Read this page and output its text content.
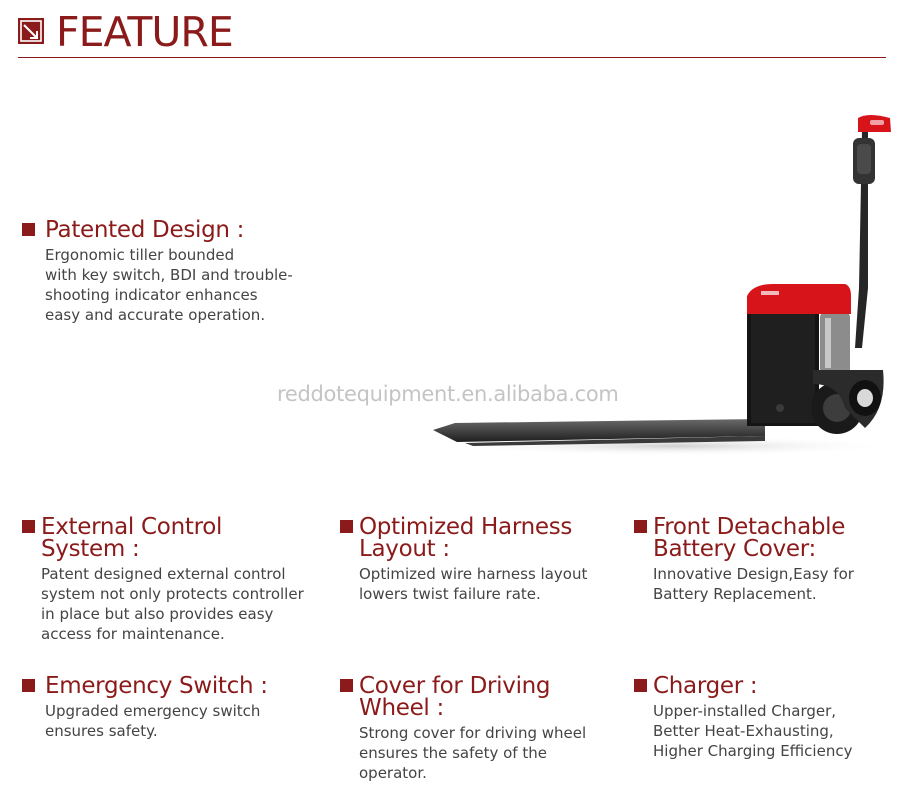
FEATURE
reddotequipment.en.alibaba.com
Patented Design :

Ergonomic tiller bounded
with key switch, BDI and trouble-
shooting indicator enhances
easy and accurate operation.

External Control System :

Patent designed external control
system not only protects controller
in place but also provides easy
access for maintenance.

Optimized Harness Layout :

Optimized wire harness layout
lowers twist failure rate.

Front Detachable Battery Cover:

Innovative Design,Easy for
Battery Replacement.

Emergency Switch :

Upgraded emergency switch
ensures safety.

Cover for Driving Wheel :

Strong cover for driving wheel
ensures the safety of the
operator.

Charger :

Upper-installed Charger,
Better Heat-Exhausting,
Higher Charging Efficiency
